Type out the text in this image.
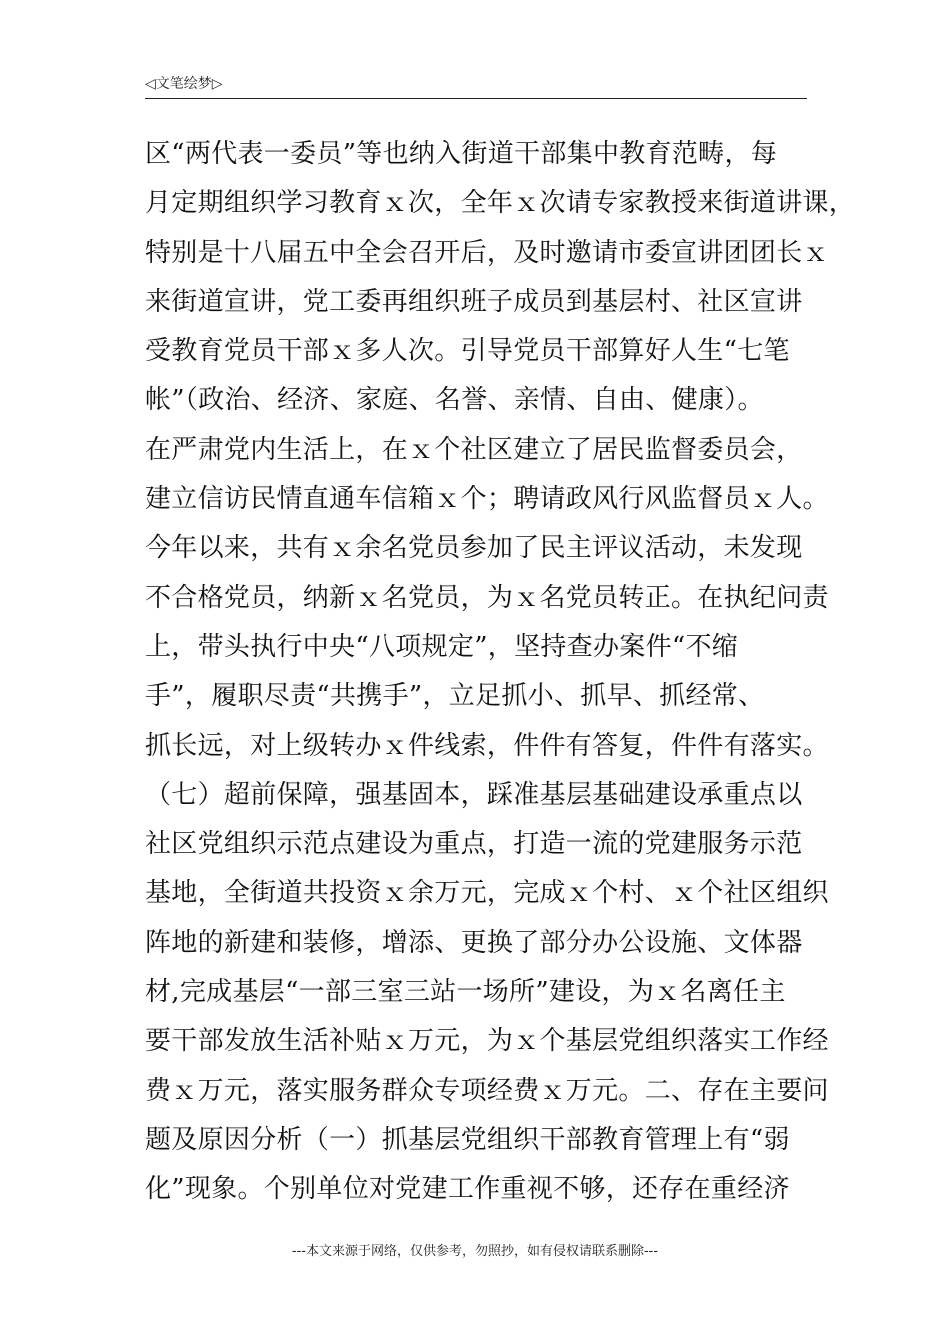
◁文笔绘梦▷
区“两代表一委员”等也纳入街道干部集中教育范畴，每
月定期组织学习教育ｘ次，全年ｘ次请专家教授来街道讲课，
特别是十八届五中全会召开后，及时邀请市委宣讲团团长ｘ
来街道宣讲，党工委再组织班子成员到基层村、社区宣讲
受教育党员干部ｘ多人次。引导党员干部算好人生“七笔
帐”（政治、经济、家庭、名誉、亲情、自由、健康）。
在严肃党内生活上，在ｘ个社区建立了居民监督委员会，
建立信访民情直通车信箱ｘ个；聘请政风行风监督员ｘ人。
今年以来，共有ｘ余名党员参加了民主评议活动，未发现
不合格党员，纳新ｘ名党员，为ｘ名党员转正。在执纪问责
上，带头执行中央“八项规定”，坚持查办案件“不缩
手”，履职尽责“共携手”，立足抓小、抓早、抓经常、
抓长远，对上级转办ｘ件线索，件件有答复，件件有落实。
（七）超前保障，强基固本，踩准基层基础建设承重点以
社区党组织示范点建设为重点，打造一流的党建服务示范
基地，全街道共投资ｘ余万元，完成ｘ个村、ｘ个社区组织
阵地的新建和装修，增添、更换了部分办公设施、文体器
材,完成基层“一部三室三站一场所”建设，为ｘ名离任主
要干部发放生活补贴ｘ万元，为ｘ个基层党组织落实工作经
费ｘ万元，落实服务群众专项经费ｘ万元。二、存在主要问
题及原因分析（一）抓基层党组织干部教育管理上有“弱
化”现象。个别单位对党建工作重视不够，还存在重经济
---本文来源于网络，仅供参考，勿照抄，如有侵权请联系删除---
